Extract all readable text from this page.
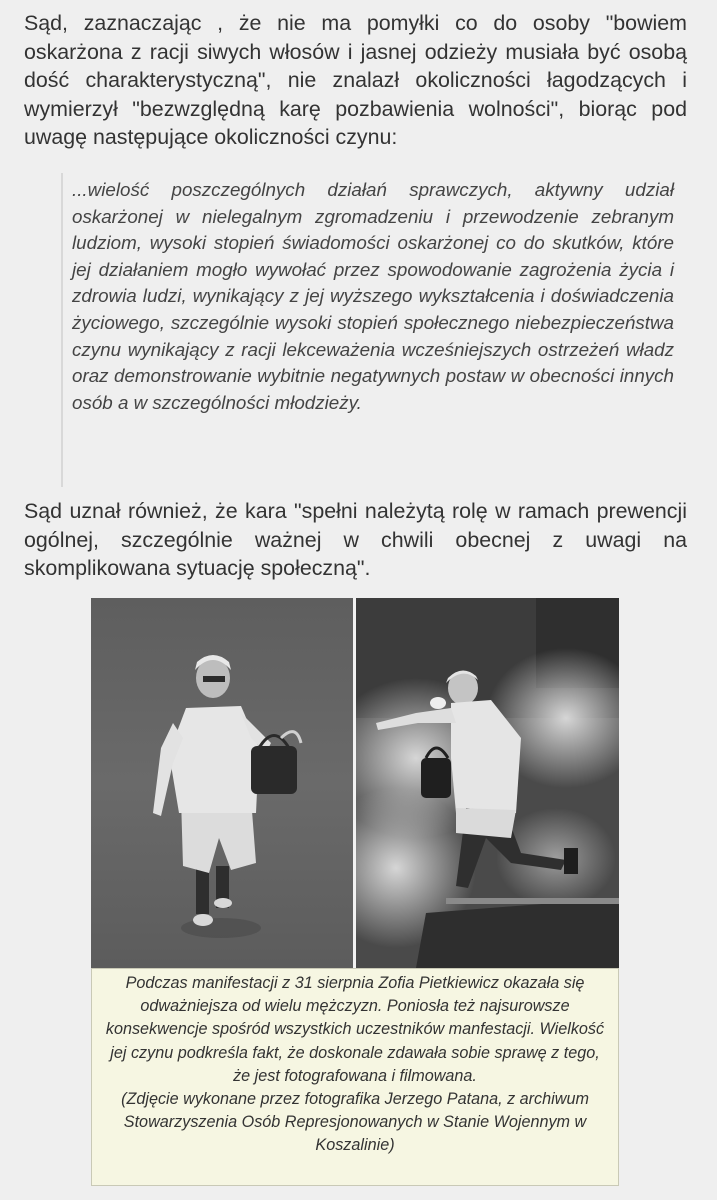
Sąd, zaznaczając , że nie ma pomyłki co do osoby "bowiem oskarżona z racji siwych włosów i jasnej odzieży musiała być osobą dość charakterystyczną", nie znalazł okoliczności łagodzących i wymierzył "bezwzględną karę pozbawienia wolności", biorąc pod uwagę następujące okoliczności czynu:

...wielość poszczególnych działań sprawczych, aktywny udział oskarżonej w nielegalnym zgromadzeniu i przewodzenie zebranym ludziom, wysoki stopień świadomości oskarżonej co do skutków, które jej działaniem mogło wywołać przez spowodowanie zagrożenia życia i zdrowia ludzi, wynikający z jej wyższego wykształcenia i doświadczenia życiowego, szczególnie wysoki stopień społecznego niebezpieczeństwa czynu wynikający z racji lekceważenia wcześniejszych ostrzeżeń władz oraz demonstrowanie wybitnie negatywnych postaw w obecności innych osób a w szczególności młodzieży.

Sąd uznał również, że kara "spełni należytą rolę w ramach prewencji ogólnej, szczególnie ważnej w chwili obecnej z uwagi na skomplikowana sytuację społeczną".

Podczas manifestacji z 31 sierpnia Zofia Pietkiewicz okazała się odważniejsza od wielu mężczyzn. Poniosła też najsurowsze konsekwencje spośród wszystkich uczestników manfestacji. Wielkość jej czynu podkreśla fakt, że doskonale zdawała sobie sprawę z tego, że jest fotografowana i filmowana.
(Zdjęcie wykonane przez fotografika Jerzego Patana, z archiwum Stowarzyszenia Osób Represjonowanych w Stanie Wojennym w Koszalinie)
